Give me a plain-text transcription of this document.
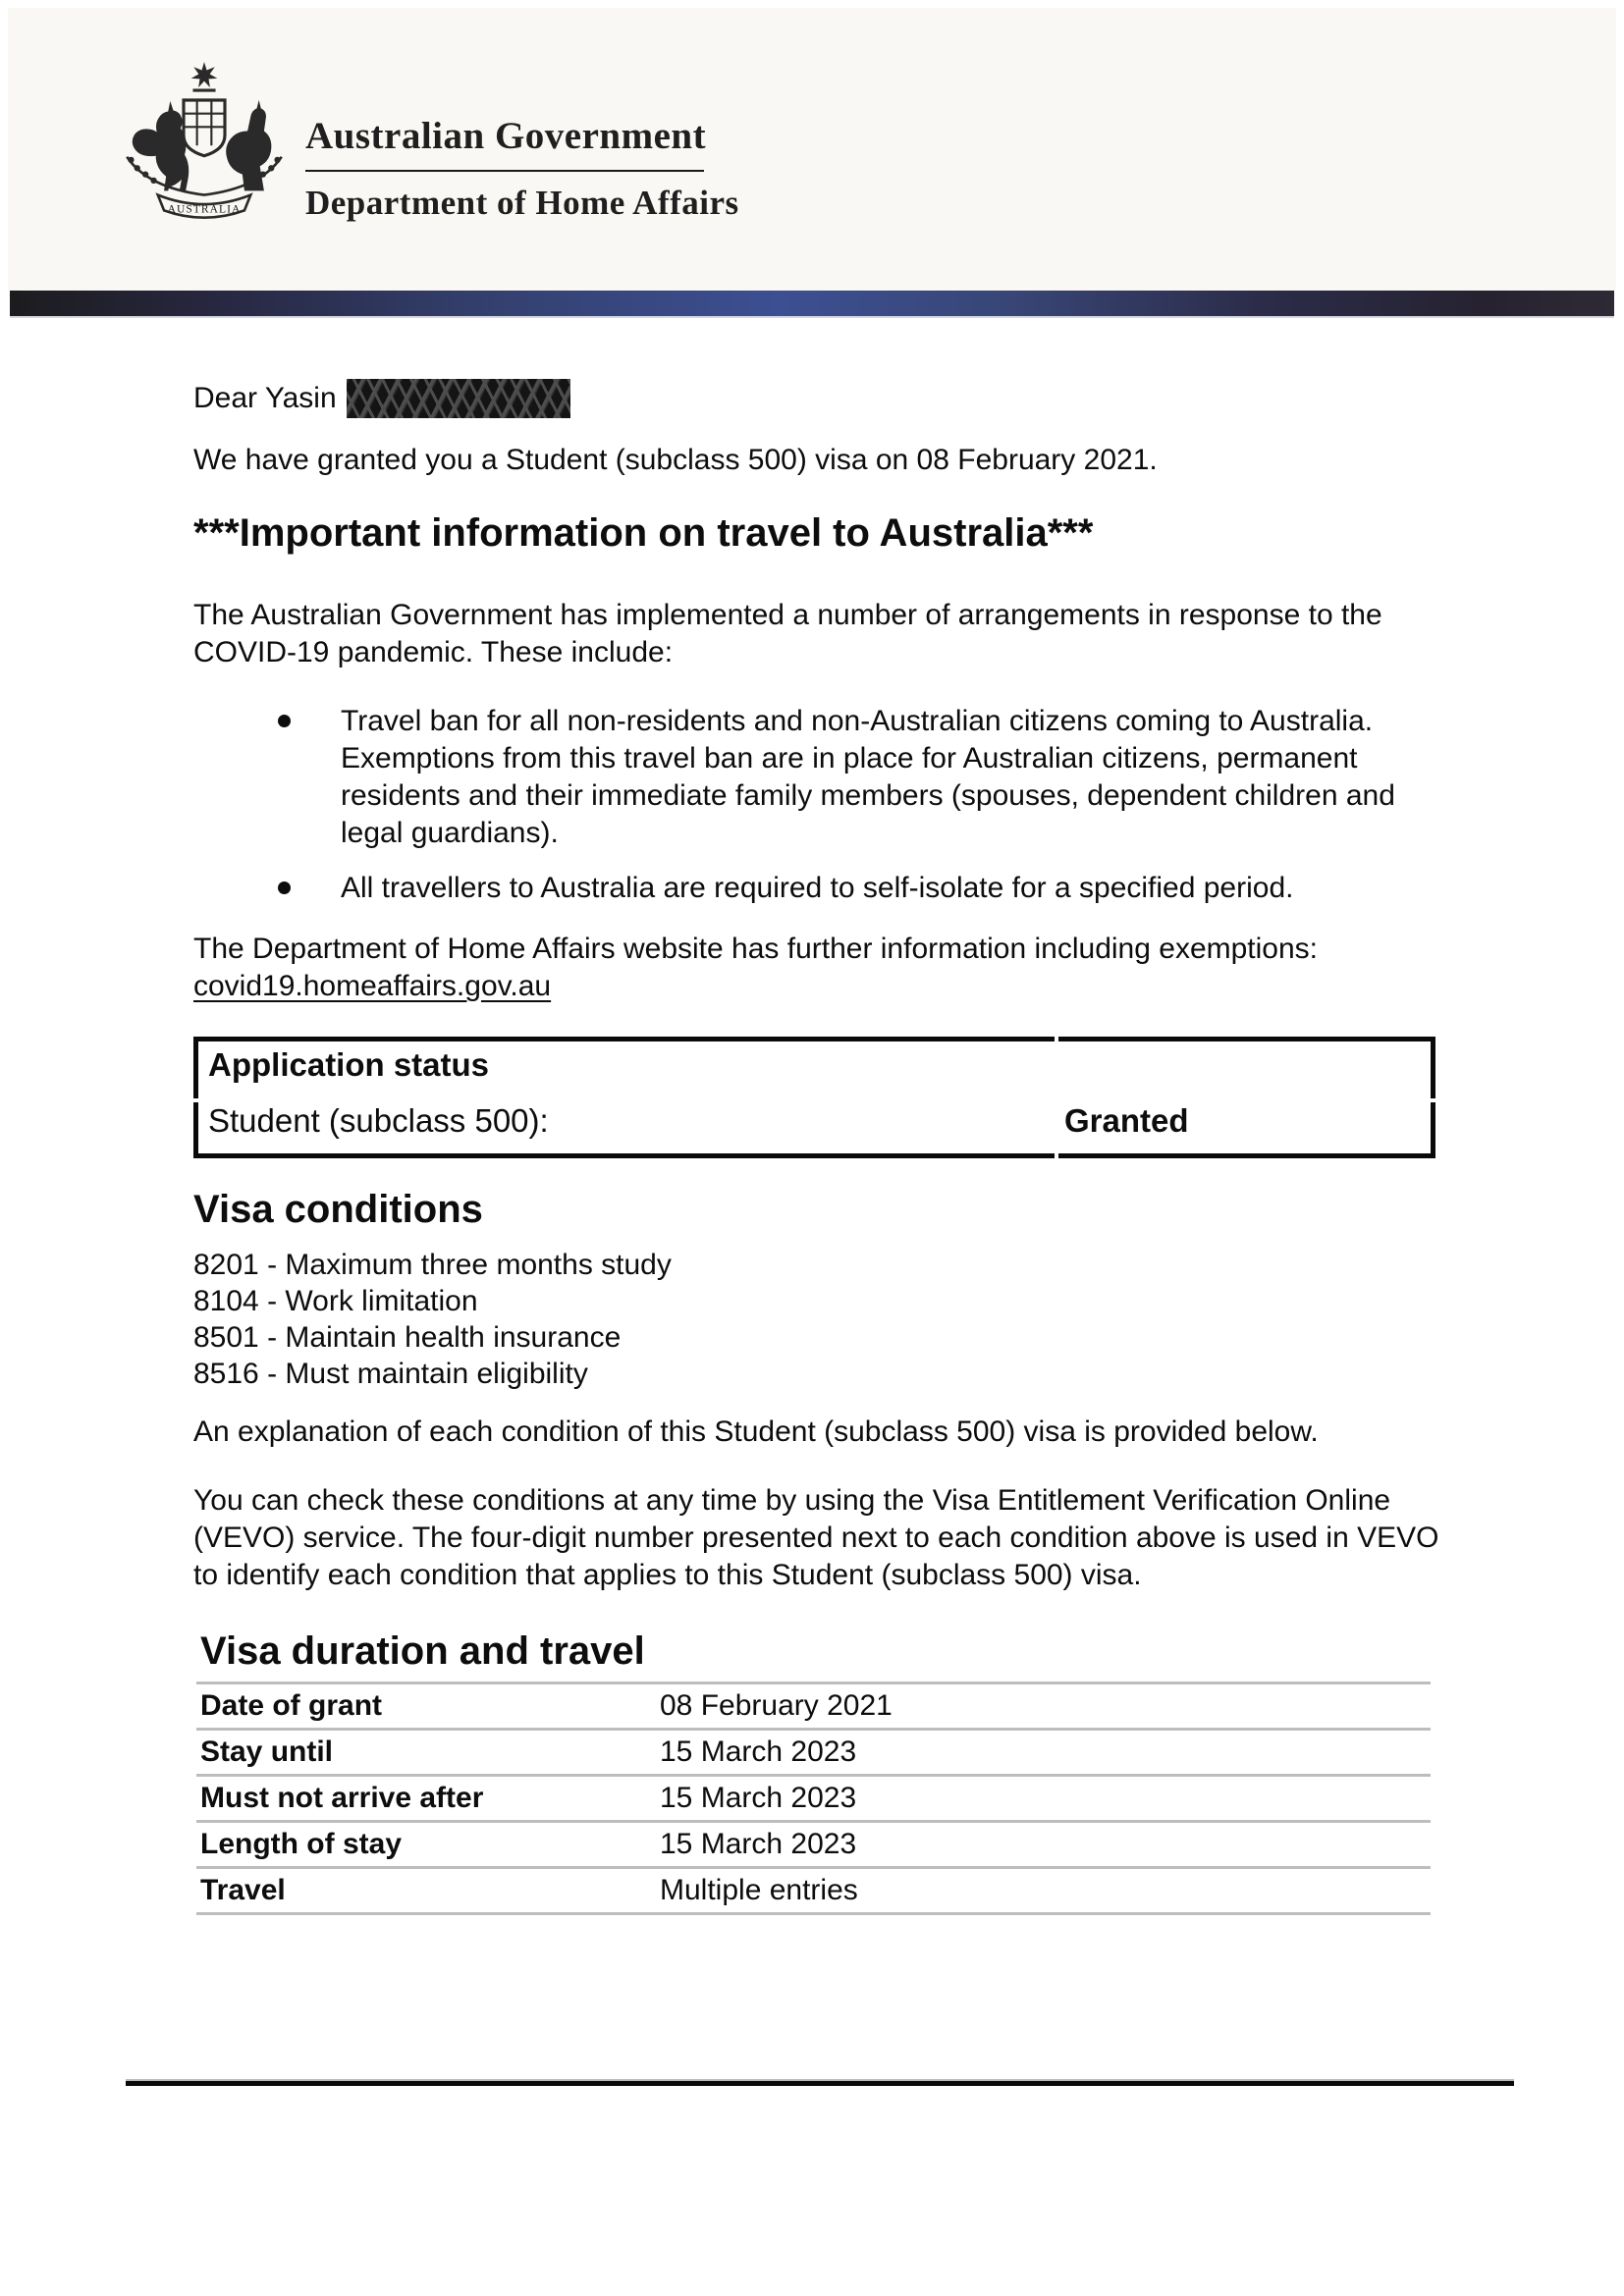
AUSTRALIA
Australian Government
Department of Home Affairs
Dear Yasin
We have granted you a Student (subclass 500) visa on 08 February 2021.
***Important information on travel to Australia***
The Australian Government has implemented a number of arrangements in response to the COVID-19 pandemic. These include:
Travel ban for all non-residents and non-Australian citizens coming to Australia. Exemptions from this travel ban are in place for Australian citizens, permanent residents and their immediate family members (spouses, dependent children and legal guardians).
All travellers to Australia are required to self-isolate for a specified period.
The Department of Home Affairs website has further information including exemptions:
covid19.homeaffairs.gov.au
Application status
Student (subclass 500):	Granted
Visa conditions
8201 - Maximum three months study
8104 - Work limitation
8501 - Maintain health insurance
8516 - Must maintain eligibility
An explanation of each condition of this Student (subclass 500) visa is provided below.
You can check these conditions at any time by using the Visa Entitlement Verification Online (VEVO) service. The four-digit number presented next to each condition above is used in VEVO to identify each condition that applies to this Student (subclass 500) visa.
Visa duration and travel
Date of grant	08 February 2021
Stay until	15 March 2023
Must not arrive after	15 March 2023
Length of stay	15 March 2023
Travel	Multiple entries
